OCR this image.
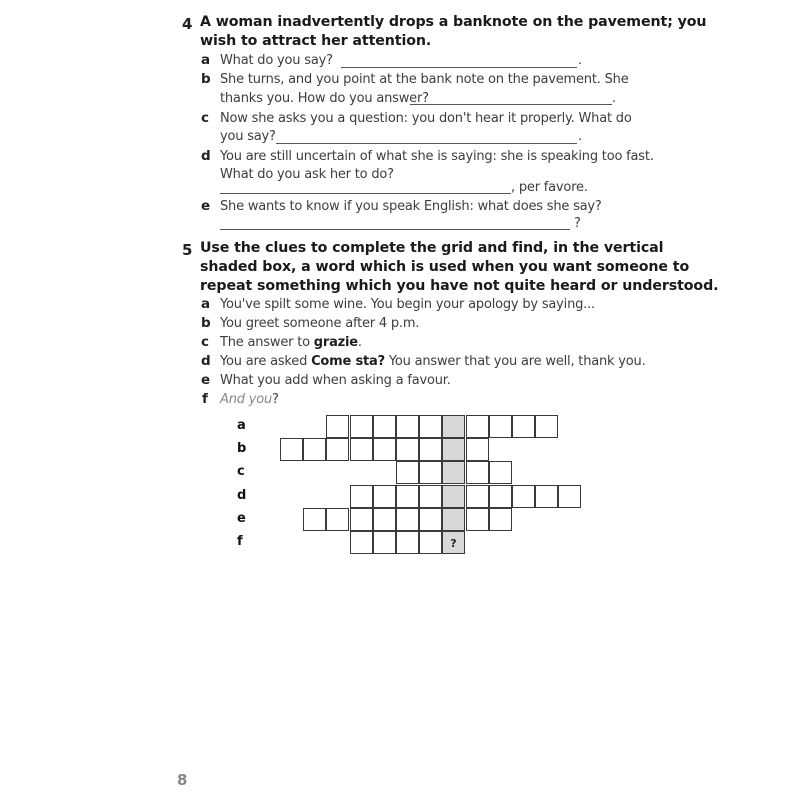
4 A woman inadvertently drops a banknote on the pavement; you
wish to attract her attention.
a What do you say?	.
b She turns, and you point at the bank note on the pavement. She
thanks you. How do you answer?	.
c Now she asks you a question: you don't hear it properly. What do
you say?	.
d You are still uncertain of what she is saying: she is speaking too fast.
What do you ask her to do?
, per favore.
e She wants to know if you speak English: what does she say?
?
5 Use the clues to complete the grid and find, in the vertical
shaded box, a word which is used when you want someone to
repeat something which you have not quite heard or understood.
a You've spilt some wine. You begin your apology by saying...
b You greet someone after 4 p.m.
c The answer to grazie.
d You are asked Come sta? You answer that you are well, thank you.
e What you add when asking a favour.
f And you?
a
b
c
d
e
f	?
8
